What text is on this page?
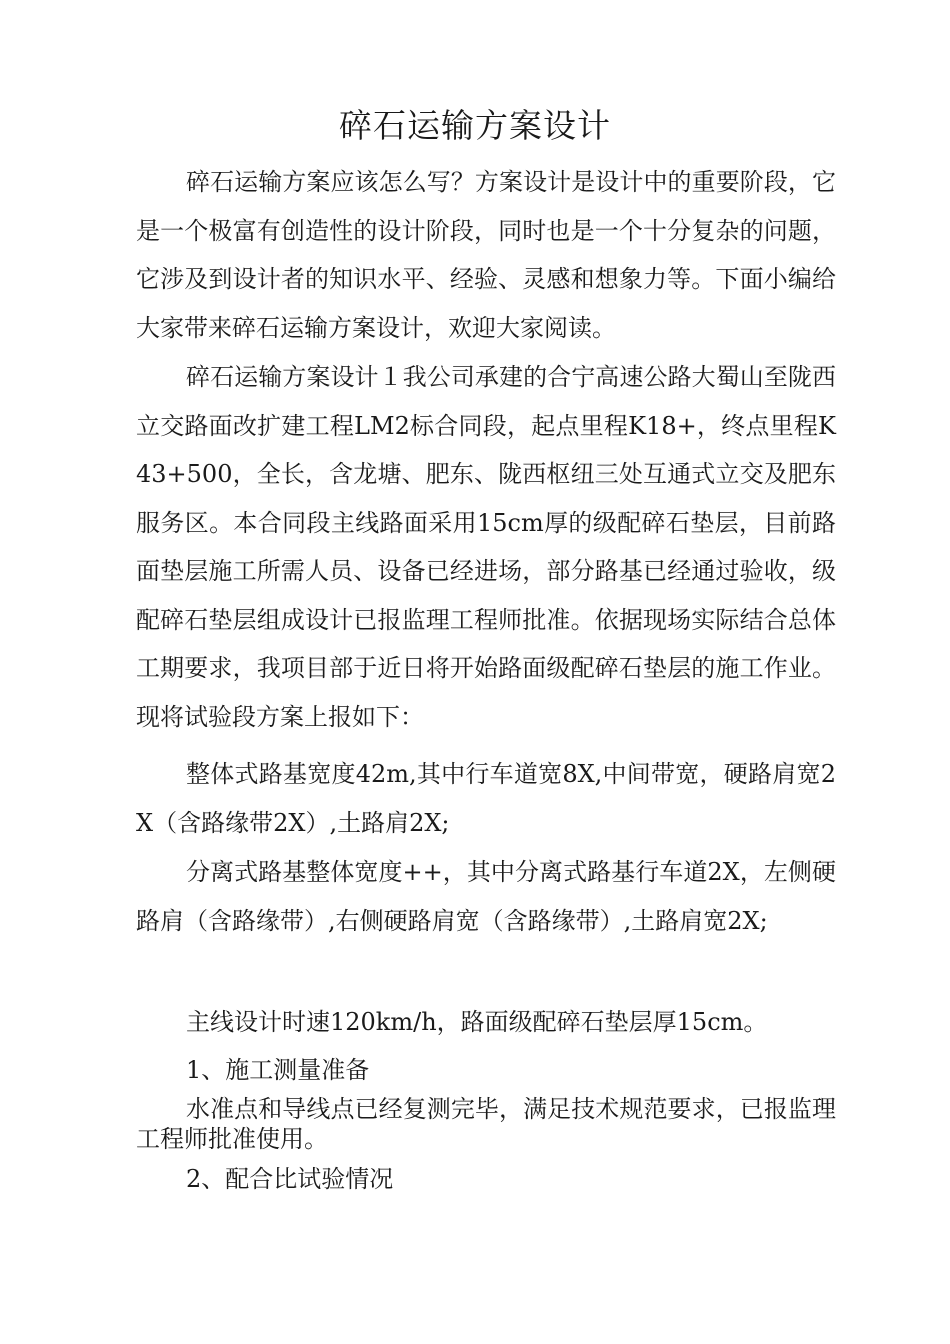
碎石运输方案设计

碎石运输方案应该怎么写？方案设计是设计中的重要阶段，它是一个极富有创造性的设计阶段，同时也是一个十分复杂的问题，它涉及到设计者的知识水平、经验、灵感和想象力等。下面小编给大家带来碎石运输方案设计，欢迎大家阅读。

碎石运输方案设计１我公司承建的合宁高速公路大蜀山至陇西立交路面改扩建工程LM2标合同段，起点里程K18+，终点里程K43+500，全长，含龙塘、肥东、陇西枢纽三处互通式立交及肥东服务区。本合同段主线路面采用15cm厚的级配碎石垫层，目前路面垫层施工所需人员、设备已经进场，部分路基已经通过验收，级配碎石垫层组成设计已报监理工程师批准。依据现场实际结合总体工期要求，我项目部于近日将开始路面级配碎石垫层的施工作业。现将试验段方案上报如下：

整体式路基宽度42m,其中行车道宽8X,中间带宽，硬路肩宽2X（含路缘带2X）,土路肩2X;

分离式路基整体宽度++，其中分离式路基行车道2X，左侧硬路肩（含路缘带）,右侧硬路肩宽（含路缘带）,土路肩宽2X;

主线设计时速120km/h，路面级配碎石垫层厚15cm。

1、施工测量准备

水准点和导线点已经复测完毕，满足技术规范要求，已报监理工程师批准使用。

2、配合比试验情况
